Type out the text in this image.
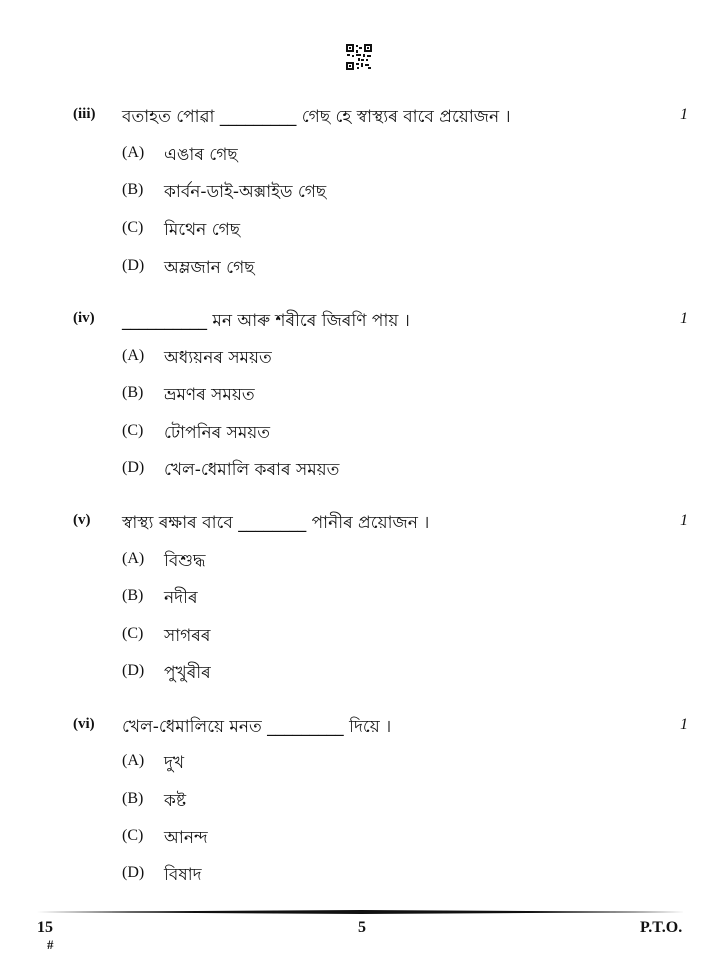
(iii) বতাহত পোৱা _________ গেছ হে স্বাস্থ্যৰ বাবে প্ৰয়োজন ।	1
(A) এঙাৰ গেছ
(B) কাৰ্বন-ডাই-অক্সাইড গেছ
(C) মিথেন গেছ
(D) অম্লজান গেছ
(iv) __________ মন আৰু শৰীৰে জিৰণি পায় ।	1
(A) অধ্যয়নৰ সময়ত
(B) ভ্ৰমণৰ সময়ত
(C) টোপনিৰ সময়ত
(D) খেল-ধেমালি কৰাৰ সময়ত
(v) স্বাস্থ্য ৰক্ষাৰ বাবে ________ পানীৰ প্ৰয়োজন ।	1
(A) বিশুদ্ধ
(B) নদীৰ
(C) সাগৰৰ
(D) পুখুৰীৰ
(vi) খেল-ধেমালিয়ে মনত _________ দিয়ে ।	1
(A) দুখ
(B) কষ্ট
(C) আনন্দ
(D) বিষাদ
15
#
5	P.T.O.
